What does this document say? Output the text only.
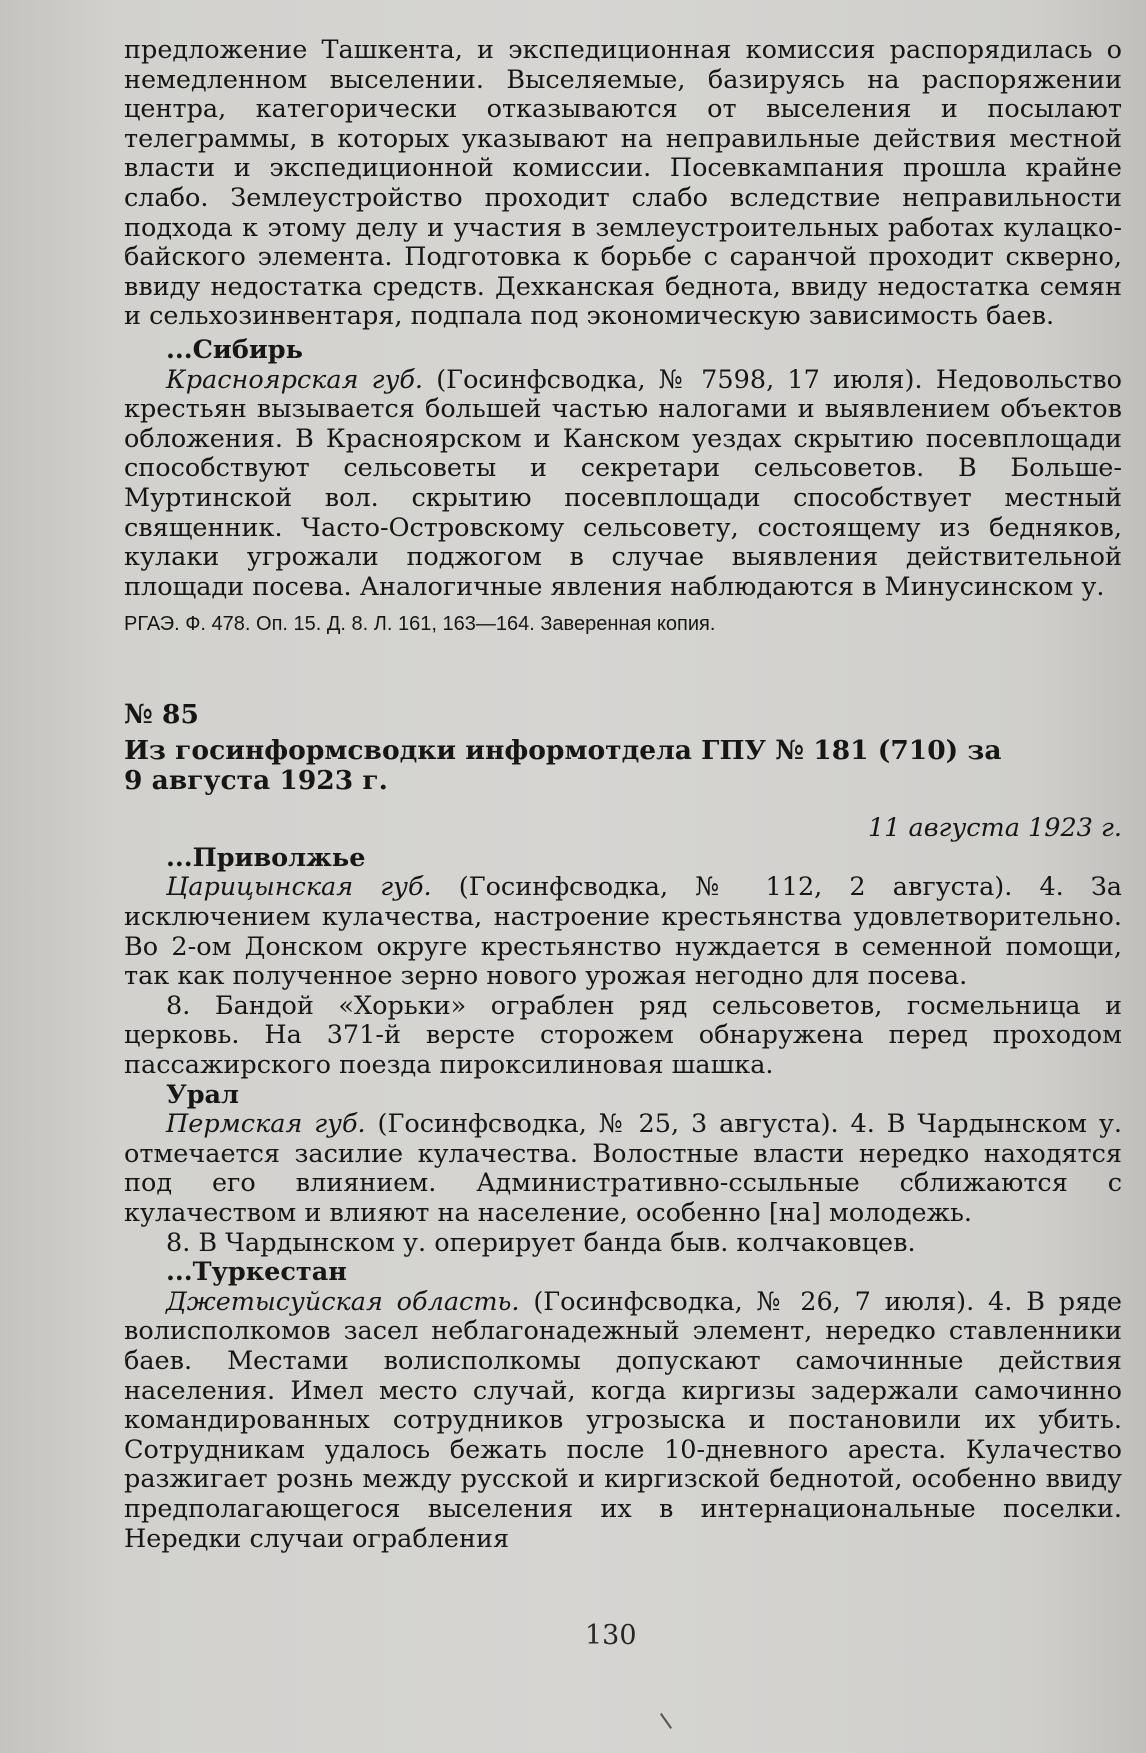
предложение Ташкента, и экспедиционная комиссия распорядилась о немедленном выселении. Выселяемые, базируясь на распоряжении центра, категорически отказываются от выселения и посылают телеграммы, в которых указывают на неправильные действия местной власти и экспедиционной комиссии. Посевкампания прошла крайне слабо. Землеустройство проходит слабо вследствие неправильности подхода к этому делу и участия в землеустроительных работах кулацко-байского элемента. Подготовка к борьбе с саранчой проходит скверно, ввиду недостатка средств. Дехканская беднота, ввиду недостатка семян и сельхозинвентаря, подпала под экономическую зависимость баев.

...Сибирь

Красноярская губ. (Госинфсводка, № 7598, 17 июля). Недовольство крестьян вызывается большей частью налогами и выявлением объектов обложения. В Красноярском и Канском уездах скрытию посевплощади способствуют сельсоветы и секретари сельсоветов. В Больше-Муртинской вол. скрытию посевплощади способствует местный священник. Часто-Островскому сельсовету, состоящему из бедняков, кулаки угрожали поджогом в случае выявления действительной площади посева. Аналогичные явления наблюдаются в Минусинском у.

РГАЭ. Ф. 478. Оп. 15. Д. 8. Л. 161, 163—164. Заверенная копия.

№ 85

Из госинформсводки информотдела ГПУ № 181 (710) за 9 августа 1923 г.

11 августа 1923 г.

...Приволжье

Царицынская губ. (Госинфсводка, № 112, 2 августа). 4. За исключением кулачества, настроение крестьянства удовлетворительно. Во 2-ом Донском округе крестьянство нуждается в семенной помощи, так как полученное зерно нового урожая негодно для посева.

8. Бандой «Хорьки» ограблен ряд сельсоветов, госмельница и церковь. На 371-й версте сторожем обнаружена перед проходом пассажирского поезда пироксилиновая шашка.

Урал

Пермская губ. (Госинфсводка, № 25, 3 августа). 4. В Чардынском у. отмечается засилие кулачества. Волостные власти нередко находятся под его влиянием. Административно-ссыльные сближаются с кулачеством и влияют на население, особенно [на] молодежь.

8. В Чардынском у. оперирует банда быв. колчаковцев.

...Туркестан

Джетысуйская область. (Госинфсводка, № 26, 7 июля). 4. В ряде волисполкомов засел неблагонадежный элемент, нередко ставленники баев. Местами волисполкомы допускают самочинные действия населения. Имел место случай, когда киргизы задержали самочинно командированных сотрудников угрозыска и постановили их убить. Сотрудникам удалось бежать после 10-дневного ареста. Кулачество разжигает рознь между русской и киргизской беднотой, особенно ввиду предполагающегося выселения их в интернациональные поселки. Нередки случаи ограбления

130
